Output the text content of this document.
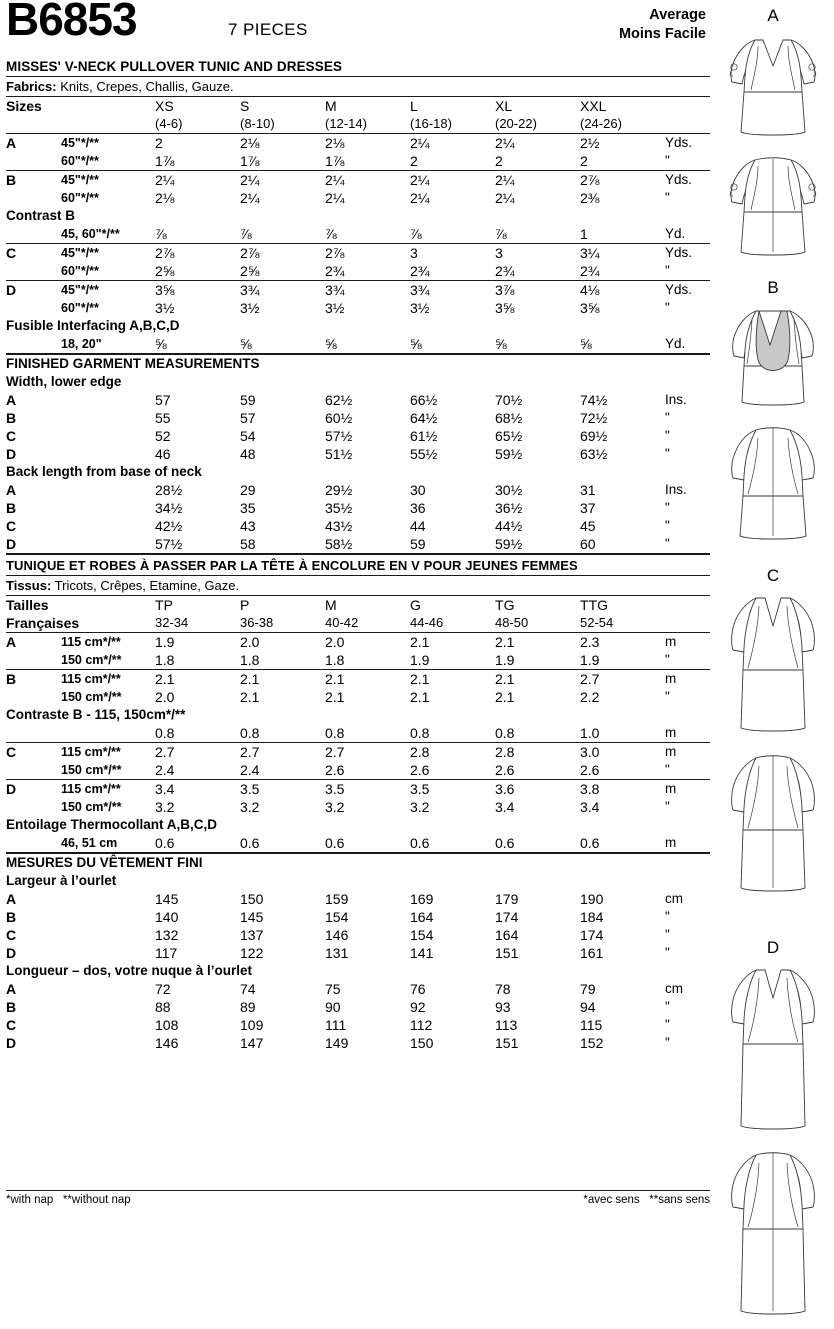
B6853	7 PIECES
Average
Moins Facile
MISSES' V-NECK PULLOVER TUNIC AND DRESSES
Fabrics: Knits, Crepes, Challis, Gauze.
Sizes	XS	S	M	L	XL	XXL	
	(4-6)	(8-10)	(12-14)	(16-18)	(20-22)	(24-26)	
A	45"*/**	2	2⅛	2⅛	2¼	2¼	2½	Yds.
	60"*/**	1⅞	1⅞	1⅞	2	2	2	"
B	45"*/**	2¼	2¼	2¼	2¼	2¼	2⅞	Yds.
	60"*/**	2⅛	2¼	2¼	2¼	2¼	2⅜	"
Contrast B								
	45, 60"*/**	⅞	⅞	⅞	⅞	⅞	1	Yd.
C	45"*/**	2⅞	2⅞	2⅞	3	3	3¼	Yds.
	60"*/**	2⅝	2⅝	2¾	2¾	2¾	2¾	"
D	45"*/**	3⅝	3¾	3¾	3¾	3⅞	4⅛	Yds.
	60"*/**	3½	3½	3½	3½	3⅝	3⅝	"
Fusible Interfacing A,B,C,D								
	18, 20"	⅝	⅝	⅝	⅝	⅝	⅝	Yd.
FINISHED GARMENT MEASUREMENTS								
Width, lower edge								
A		57	59	62½	66½	70½	74½	Ins.
B		55	57	60½	64½	68½	72½	"
C		52	54	57½	61½	65½	69½	"
D		46	48	51½	55½	59½	63½	"
Back length from base of neck								
A		28½	29	29½	30	30½	31	Ins.
B		34½	35	35½	36	36½	37	"
C		42½	43	43½	44	44½	45	"
D		57½	58	58½	59	59½	60	"
TUNIQUE ET ROBES À PASSER PAR LA TÊTE À ENCOLURE EN V POUR JEUNES FEMMES
Tissus: Tricots, Crêpes, Etamine, Gaze.
Tailles	TP	P	M	G	TG	TTG	
Françaises	32-34	36-38	40-42	44-46	48-50	52-54	
A	115 cm*/**	1.9	2.0	2.0	2.1	2.1	2.3	m
	150 cm*/**	1.8	1.8	1.8	1.9	1.9	1.9	"
B	115 cm*/**	2.1	2.1	2.1	2.1	2.1	2.7	m
	150 cm*/**	2.0	2.1	2.1	2.1	2.1	2.2	"
Contraste B - 115, 150cm*/**								
		0.8	0.8	0.8	0.8	0.8	1.0	m
C	115 cm*/**	2.7	2.7	2.7	2.8	2.8	3.0	m
	150 cm*/**	2.4	2.4	2.6	2.6	2.6	2.6	"
D	115 cm*/**	3.4	3.5	3.5	3.5	3.6	3.8	m
	150 cm*/**	3.2	3.2	3.2	3.2	3.4	3.4	"
Entoilage Thermocollant A,B,C,D								
	46, 51 cm	0.6	0.6	0.6	0.6	0.6	0.6	m
MESURES DU VÊTEMENT FINI								
Largeur à l’ourlet								
A		145	150	159	169	179	190	cm
B		140	145	154	164	174	184	"
C		132	137	146	154	164	174	"
D		117	122	131	141	151	161	"
Longueur – dos, votre nuque à l’ourlet								
A		72	74	75	76	78	79	cm
B		88	89	90	92	93	94	"
C		108	109	111	112	113	115	"
D		146	147	149	150	151	152	"
*with nap   **without nap	*avec sens   **sans sens
A
B
C
D
